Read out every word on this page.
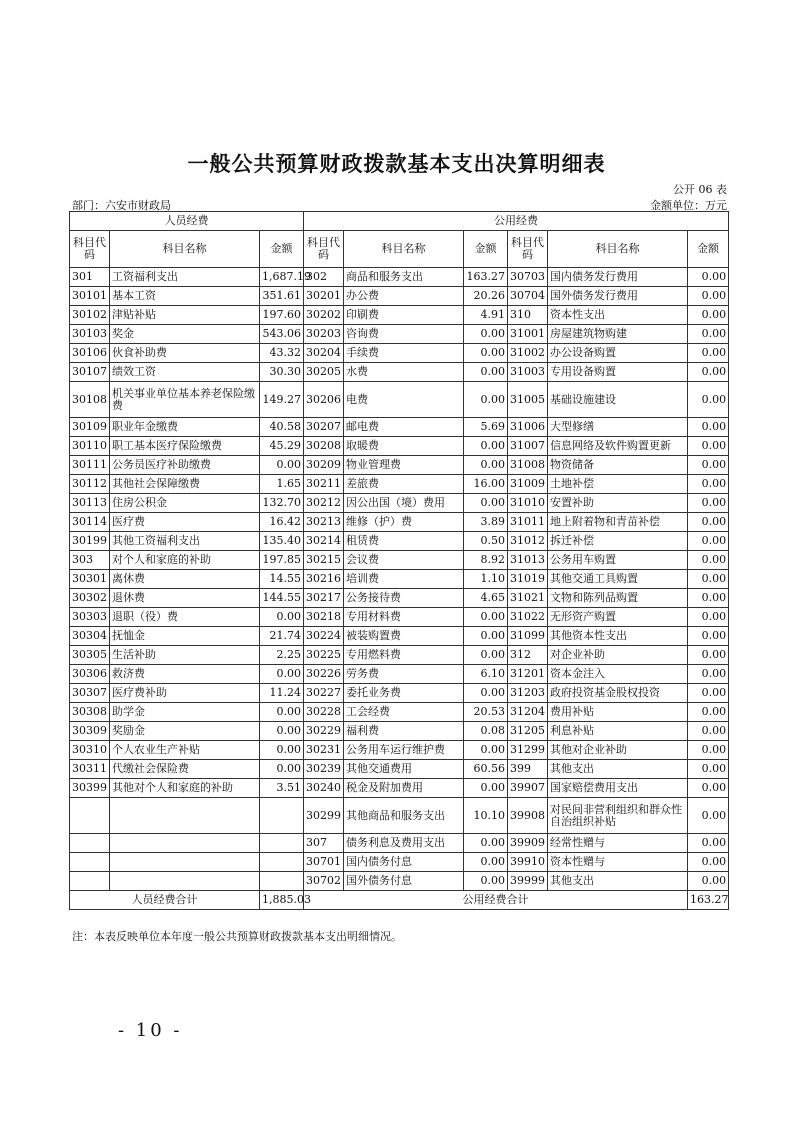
一般公共预算财政拨款基本支出决算明细表
公开 06 表
部门：六安市财政局	金额单位：万元
人员经费			公用经费					
科目代码	科目名称	金额	科目代码	科目名称	金额	科目代码	科目名称	金额
301	工资福利支出	1,687.19	302	商品和服务支出	163.27	30703	国内债务发行费用	0.00
30101	基本工资	351.61	30201	办公费	20.26	30704	国外债务发行费用	0.00
30102	津贴补贴	197.60	30202	印刷费	4.91	310	资本性支出	0.00
30103	奖金	543.06	30203	咨询费	0.00	31001	房屋建筑物购建	0.00
30106	伙食补助费	43.32	30204	手续费	0.00	31002	办公设备购置	0.00
30107	绩效工资	30.30	30205	水费	0.00	31003	专用设备购置	0.00
30108	机关事业单位基本养老保险缴费	149.27	30206	电费	0.00	31005	基础设施建设	0.00
30109	职业年金缴费	40.58	30207	邮电费	5.69	31006	大型修缮	0.00
30110	职工基本医疗保险缴费	45.29	30208	取暖费	0.00	31007	信息网络及软件购置更新	0.00
30111	公务员医疗补助缴费	0.00	30209	物业管理费	0.00	31008	物资储备	0.00
30112	其他社会保障缴费	1.65	30211	差旅费	16.00	31009	土地补偿	0.00
30113	住房公积金	132.70	30212	因公出国（境）费用	0.00	31010	安置补助	0.00
30114	医疗费	16.42	30213	维修（护）费	3.89	31011	地上附着物和青苗补偿	0.00
30199	其他工资福利支出	135.40	30214	租赁费	0.50	31012	拆迁补偿	0.00
303	对个人和家庭的补助	197.85	30215	会议费	8.92	31013	公务用车购置	0.00
30301	离休费	14.55	30216	培训费	1.10	31019	其他交通工具购置	0.00
30302	退休费	144.55	30217	公务接待费	4.65	31021	文物和陈列品购置	0.00
30303	退职（役）费	0.00	30218	专用材料费	0.00	31022	无形资产购置	0.00
30304	抚恤金	21.74	30224	被装购置费	0.00	31099	其他资本性支出	0.00
30305	生活补助	2.25	30225	专用燃料费	0.00	312	对企业补助	0.00
30306	救济费	0.00	30226	劳务费	6.10	31201	资本金注入	0.00
30307	医疗费补助	11.24	30227	委托业务费	0.00	31203	政府投资基金股权投资	0.00
30308	助学金	0.00	30228	工会经费	20.53	31204	费用补贴	0.00
30309	奖励金	0.00	30229	福利费	0.08	31205	利息补贴	0.00
30310	个人农业生产补贴	0.00	30231	公务用车运行维护费	0.00	31299	其他对企业补助	0.00
30311	代缴社会保险费	0.00	30239	其他交通费用	60.56	399	其他支出	0.00
30399	其他对个人和家庭的补助	3.51	30240	税金及附加费用	0.00	39907	国家赔偿费用支出	0.00
			30299	其他商品和服务支出	10.10	39908	对民间非营利组织和群众性自治组织补贴	0.00
			307	债务利息及费用支出	0.00	39909	经常性赠与	0.00
			30701	国内债务付息	0.00	39910	资本性赠与	0.00
			30702	国外债务付息	0.00	39999	其他支出	0.00
人员经费合计		1,885.03	公用经费合计					163.27
注：本表反映单位本年度一般公共预算财政拨款基本支出明细情况。
- 10 -
